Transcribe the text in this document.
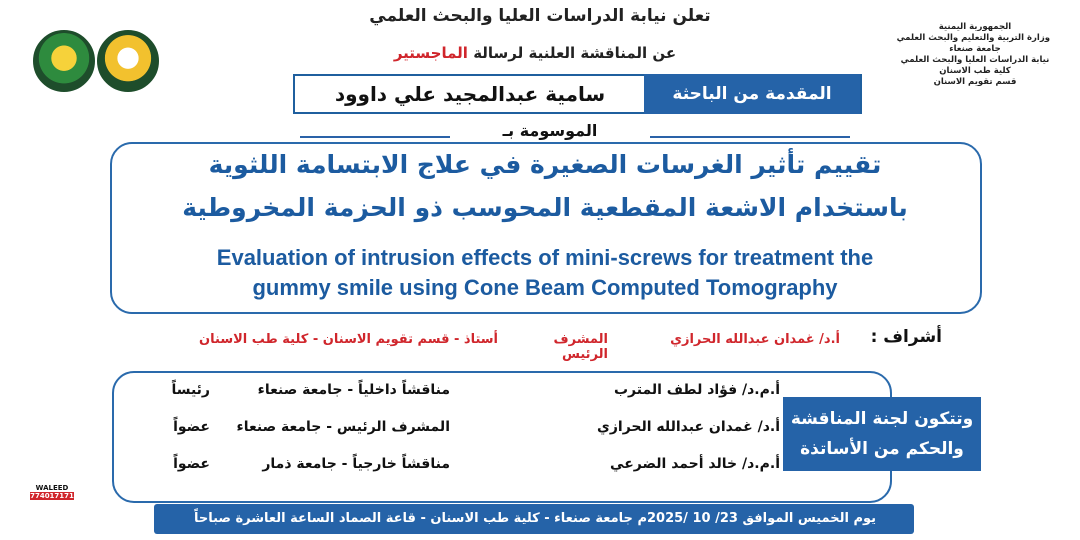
تعلن نيابة الدراسات العليا والبحث العلمي
عن المناقشة العلنية لرسالة الماجستير
الجمهورية اليمنية
وزارة التربية والتعليم والبحث العلمي
جامعة صنعاء
نيابة الدراسات العليا والبحث العلمي
كلية طب الاسنان
قسم تقويم الاسنان
سامية عبدالمجيد علي داوود	المقدمة من الباحثة
الموسومة بـ
تقييم تأثير الغرسات الصغيرة في علاج الابتسامة اللثوية
باستخدام الاشعة المقطعية المحوسب ذو الحزمة المخروطية
Evaluation of intrusion effects of mini-screws for treatment the
gummy smile using Cone Beam Computed Tomography
أشراف :
أ.د/ غمدان عبدالله الحرازي
المشرف الرئيس
أستاذ - قسم تقويم الاسنان - كلية طب الاسنان
وتتكون لجنة المناقشة
والحكم من الأساتذة
أ.م.د/ فؤاد لطف المترب
مناقشاً داخلياً - جامعة صنعاء
رئيساً
أ.د/ غمدان عبدالله الحرازي
المشرف الرئيس - جامعة صنعاء
عضواً
أ.م.د/ خالد أحمد الضرعي
مناقشاً خارجياً - جامعة ذمار
عضواً
يوم الخميس الموافق 23/ 10 /2025م جامعة صنعاء - كلية طب الاسنان - قاعة الصماد الساعة العاشرة صباحاً
WALEED
774017171
